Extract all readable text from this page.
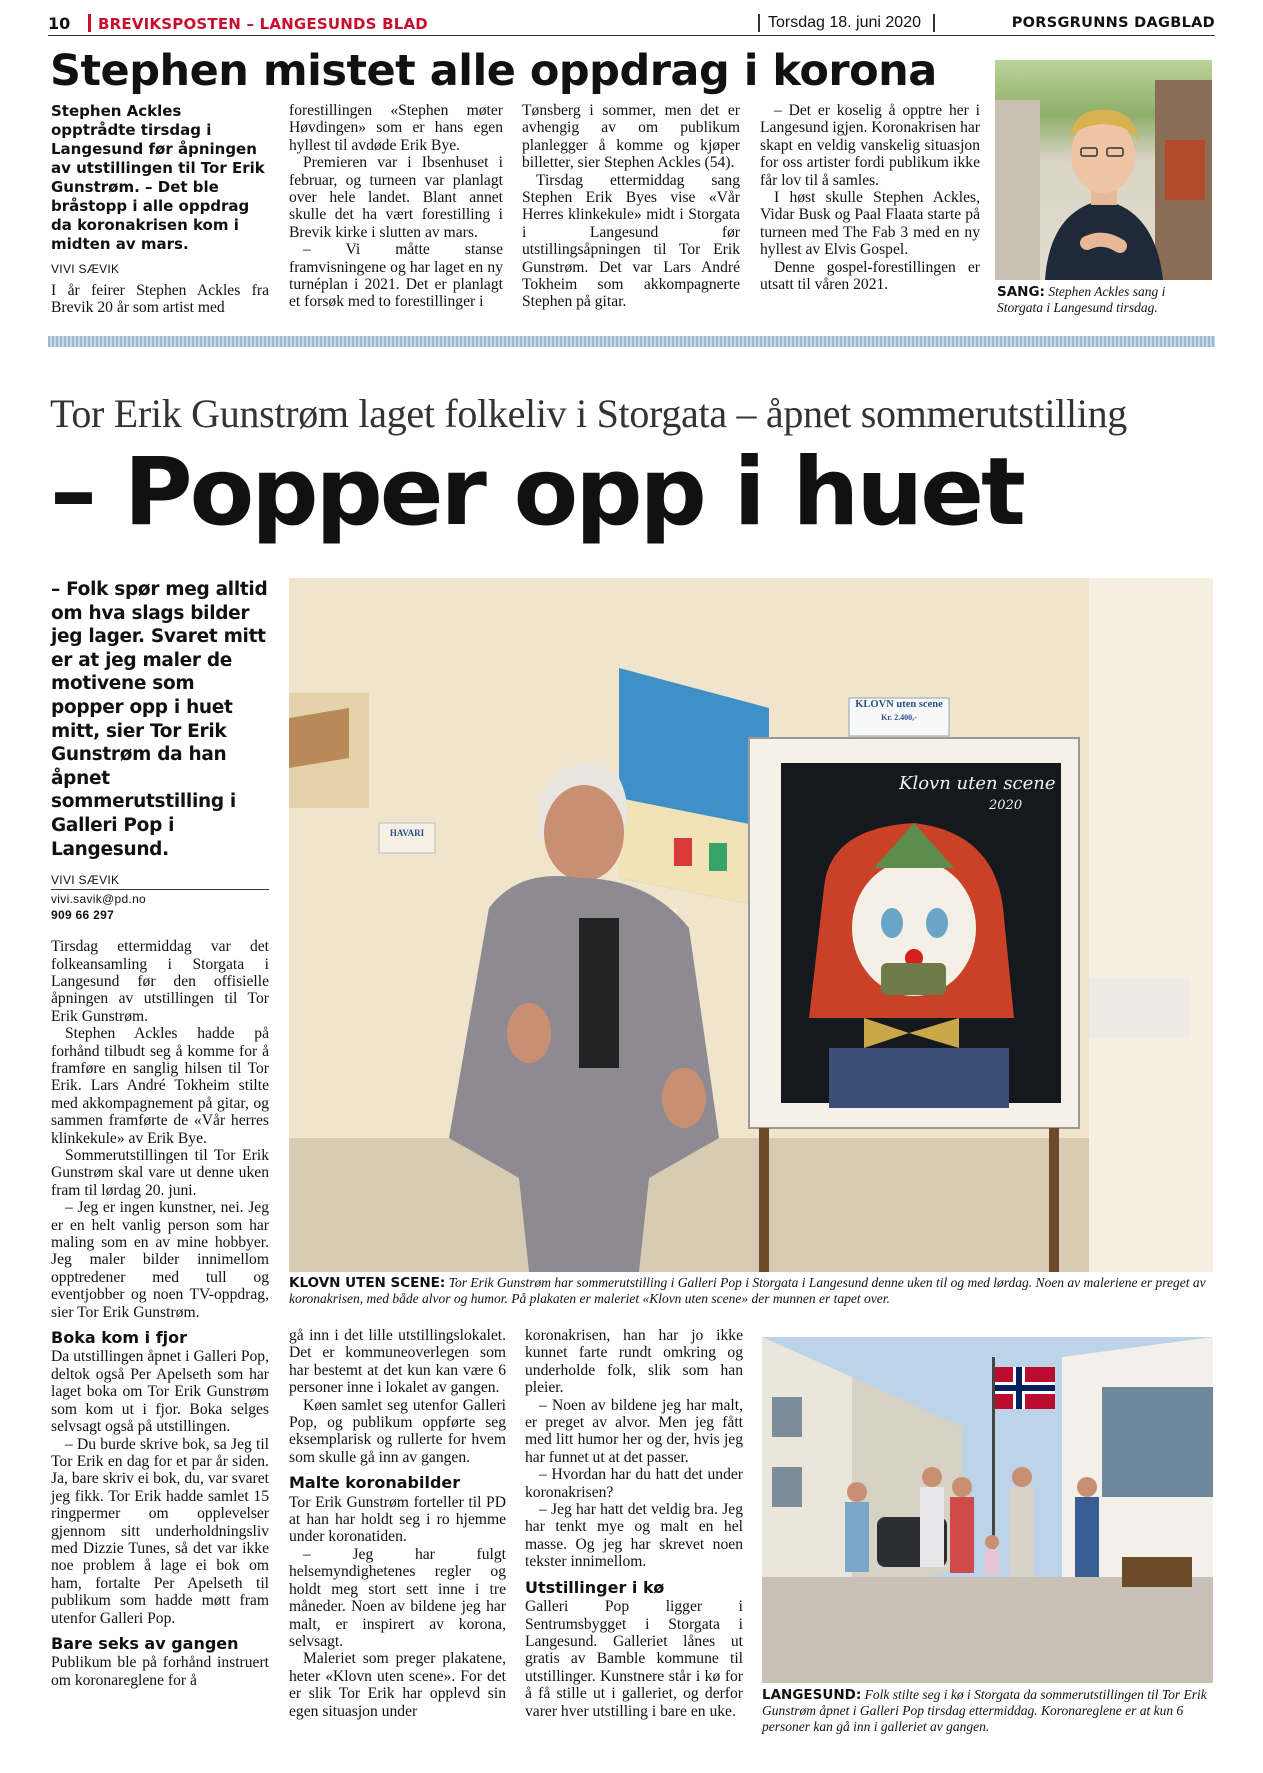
10 BREVIKSPOSTEN – LANGESUNDS BLAD	Torsdag 18. juni 2020	PORSGRUNNS DAGBLAD
Stephen mistet alle oppdrag i korona
Stephen Ackles opptrådte tirsdag i Langesund før åpningen av utstillingen til Tor Erik Gunstrøm. – Det ble bråstopp i alle oppdrag da koronakrisen kom i midten av mars.
VIVI SÆVIK

I år feirer Stephen Ackles fra Brevik 20 år som artist med

forestillingen «Stephen møter Høvdingen» som er hans egen hyllest til avdøde Erik Bye.

Premieren var i Ibsenhuset i februar, og turneen var planlagt over hele landet. Blant annet skulle det ha vært forestilling i Brevik kirke i slutten av mars.

– Vi måtte stanse framvisningene og har laget en ny turnéplan i 2021. Det er planlagt et forsøk med to forestillinger i

Tønsberg i sommer, men det er avhengig av om publikum planlegger å komme og kjøper billetter, sier Stephen Ackles (54).

Tirsdag ettermiddag sang Stephen Erik Byes vise «Vår Herres klinkekule» midt i Storgata i Langesund før utstillingsåpningen til Tor Erik Gunstrøm. Det var Lars André Tokheim som akkompagnerte Stephen på gitar.

– Det er koselig å opptre her i Langesund igjen. Koronakrisen har skapt en veldig vanskelig situasjon for oss artister fordi publikum ikke får lov til å samles.

I høst skulle Stephen Ackles, Vidar Busk og Paal Flaata starte på turneen med The Fab 3 med en ny hyllest av Elvis Gospel.

Denne gospel-forestillingen er utsatt til våren 2021.	SANG: Stephen Ackles sang i Storgata i Langesund tirsdag.
Tor Erik Gunstrøm laget folkeliv i Storgata – åpnet sommerutstilling
– Popper opp i huet
– Folk spør meg alltid om hva slags bilder jeg lager. Svaret mitt er at jeg maler de motivene som popper opp i huet mitt, sier Tor Erik Gunstrøm da han åpnet sommerutstilling i Galleri Pop i Langesund.
VIVI SÆVIK
vivi.savik@pd.no
909 66 297

Tirsdag ettermiddag var det folkeansamling i Storgata i Langesund før den offisielle åpningen av utstillingen til Tor Erik Gunstrøm.

Stephen Ackles hadde på forhånd tilbudt seg å komme for å framføre en sanglig hilsen til Tor Erik. Lars André Tokheim stilte med akkompagnement på gitar, og sammen framførte de «Vår herres klinkekule» av Erik Bye.

Sommerutstillingen til Tor Erik Gunstrøm skal vare ut denne uken fram til lørdag 20. juni.

– Jeg er ingen kunstner, nei. Jeg er en helt vanlig person som har maling som en av mine hobbyer. Jeg maler bilder innimellom opptredener med tull og eventjobber og noen TV-oppdrag, sier Tor Erik Gunstrøm.

Boka kom i fjor

Da utstillingen åpnet i Galleri Pop, deltok også Per Apelseth som har laget boka om Tor Erik Gunstrøm som kom ut i fjor. Boka selges selvsagt også på utstillingen.

– Du burde skrive bok, sa Jeg til Tor Erik en dag for et par år siden. Ja, bare skriv ei bok, du, var svaret jeg fikk. Tor Erik hadde samlet 15 ringpermer om opplevelser gjennom sitt underholdningsliv med Dizzie Tunes, så det var ikke noe problem å lage ei bok om ham, fortalte Per Apelseth til publikum som hadde møtt fram utenfor Galleri Pop.

Bare seks av gangen

Publikum ble på forhånd instruert om koronareglene for å

HAVARI
KLOVN uten scene
Kr. 2.400,-
Klovn uten scene
2020
KLOVN UTEN SCENE: Tor Erik Gunstrøm har sommerutstilling i Galleri Pop i Storgata i Langesund denne uken til og med lørdag. Noen av maleriene er preget av koronakrisen, med både alvor og humor. På plakaten er maleriet «Klovn uten scene» der munnen er tapet over.

gå inn i det lille utstillingslokalet. Det er kommuneoverlegen som har bestemt at det kun kan være 6 personer inne i lokalet av gangen.

Køen samlet seg utenfor Galleri Pop, og publikum oppførte seg eksemplarisk og rullerte for hvem som skulle gå inn av gangen.

Malte koronabilder

Tor Erik Gunstrøm forteller til PD at han har holdt seg i ro hjemme under koronatiden.

– Jeg har fulgt helsemyndighetenes regler og holdt meg stort sett inne i tre måneder. Noen av bildene jeg har malt, er inspirert av korona, selvsagt.

Maleriet som preger plakatene, heter «Klovn uten scene». For det er slik Tor Erik har opplevd sin egen situasjon under

koronakrisen, han har jo ikke kunnet farte rundt omkring og underholde folk, slik som han pleier.

– Noen av bildene jeg har malt, er preget av alvor. Men jeg fått med litt humor her og der, hvis jeg har funnet ut at det passer.

– Hvordan har du hatt det under koronakrisen?

– Jeg har hatt det veldig bra. Jeg har tenkt mye og malt en hel masse. Og jeg har skrevet noen tekster innimellom.

Utstillinger i kø

Galleri Pop ligger i Sentrumsbygget i Storgata i Langesund. Galleriet lånes ut gratis av Bamble kommune til utstillinger. Kunstnere står i kø for å få stille ut i galleriet, og derfor varer hver utstilling i bare en uke.

LANGESUND: Folk stilte seg i kø i Storgata da sommerutstillingen til Tor Erik Gunstrøm åpnet i Galleri Pop tirsdag ettermiddag. Koronareglene er at kun 6 personer kan gå inn i galleriet av gangen.
